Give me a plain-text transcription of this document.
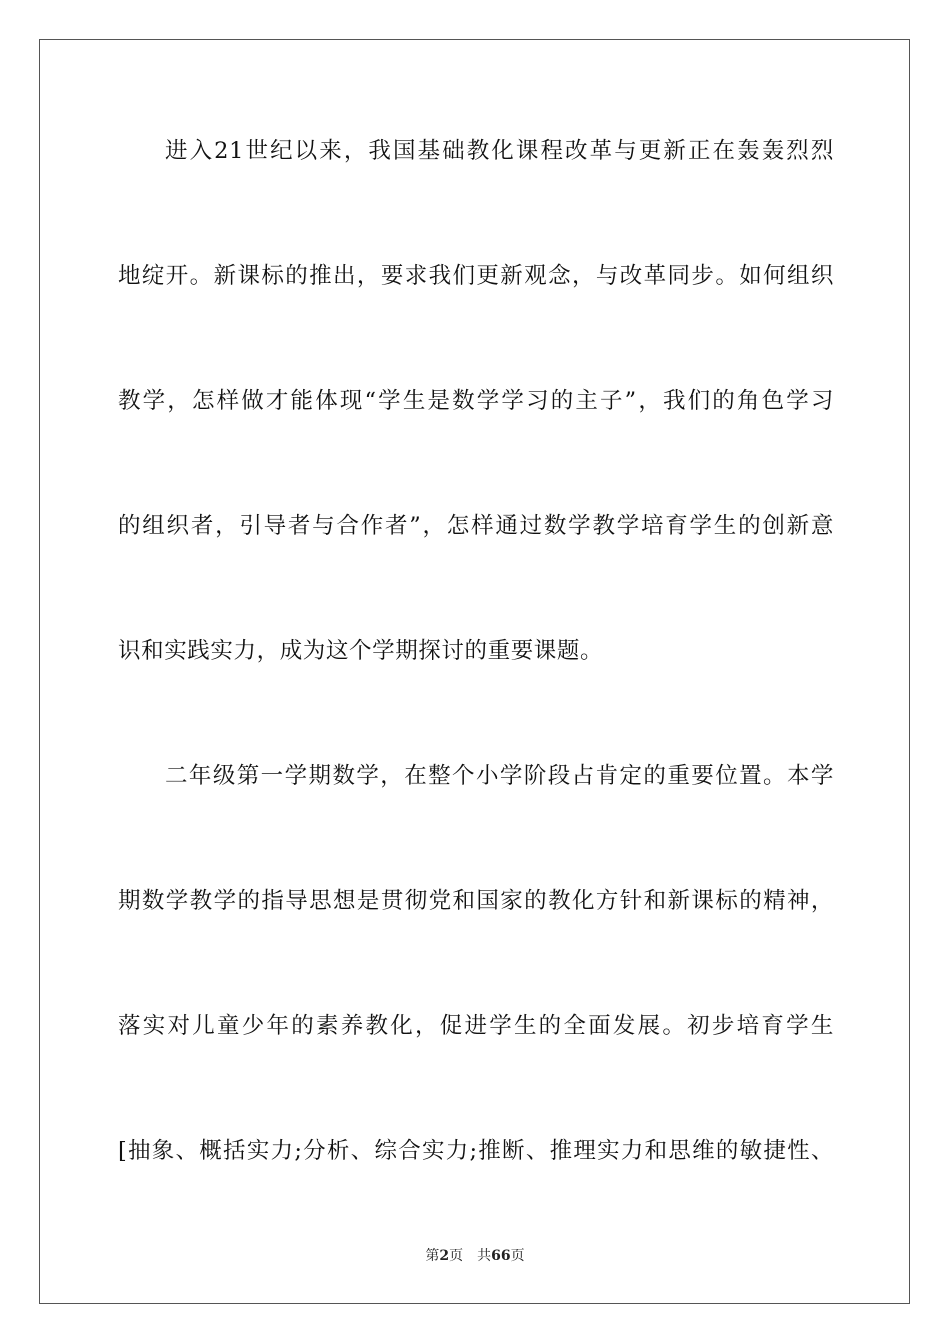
进入21世纪以来，我国基础教化课程改革与更新正在轰轰烈烈
地绽开。新课标的推出，要求我们更新观念，与改革同步。如何组织
教学，怎样做才能体现“学生是数学学习的主子”，我们的角色学习
的组织者，引导者与合作者”，怎样通过数学教学培育学生的创新意
识和实践实力，成为这个学期探讨的重要课题。
二年级第一学期数学，在整个小学阶段占肯定的重要位置。本学
期数学教学的指导思想是贯彻党和国家的教化方针和新课标的精神，
落实对儿童少年的素养教化，促进学生的全面发展。初步培育学生
[抽象、概括实力;分析、综合实力;推断、推理实力和思维的敏捷性、
第2页 共66页
